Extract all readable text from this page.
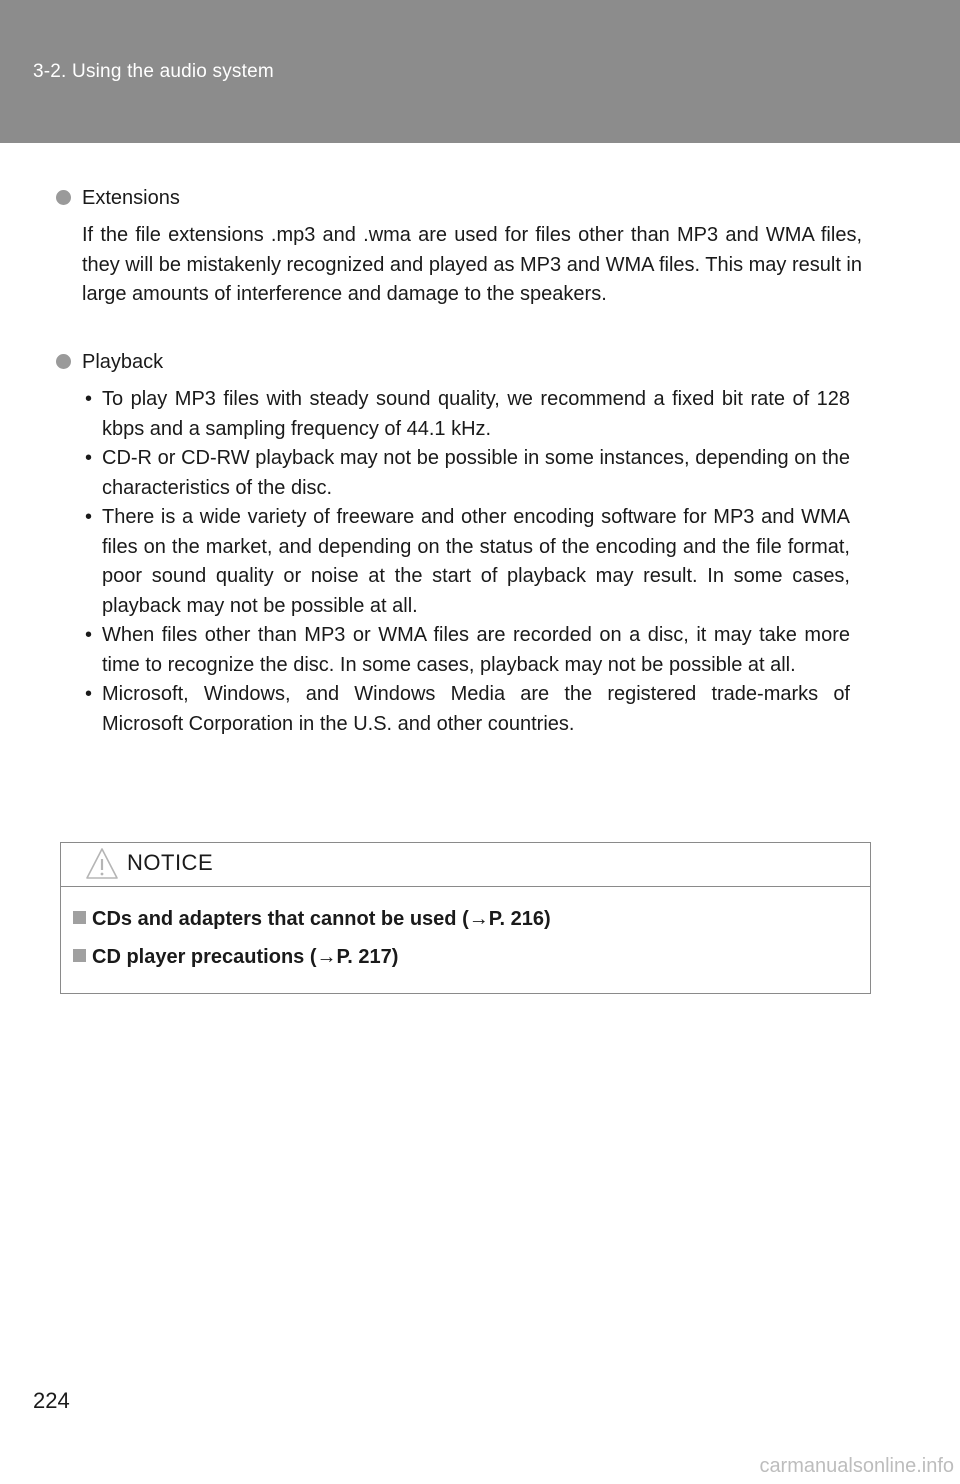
3-2. Using the audio system
Extensions
If the file extensions .mp3 and .wma are used for files other than MP3 and WMA files, they will be mistakenly recognized and played as MP3 and WMA files. This may result in large amounts of interference and damage to the speakers.
Playback
• To play MP3 files with steady sound quality, we recommend a fixed bit rate of 128 kbps and a sampling frequency of 44.1 kHz.
• CD-R or CD-RW playback may not be possible in some instances, depending on the characteristics of the disc.
• There is a wide variety of freeware and other encoding software for MP3 and WMA files on the market, and depending on the status of the encoding and the file format, poor sound quality or noise at the start of playback may result. In some cases, playback may not be possible at all.
• When files other than MP3 or WMA files are recorded on a disc, it may take more time to recognize the disc. In some cases, playback may not be possible at all.
• Microsoft, Windows, and Windows Media are the registered trade-marks of Microsoft Corporation in the U.S. and other countries.
NOTICE
CDs and adapters that cannot be used (→P. 216)
CD player precautions (→P. 217)
224
carmanualsonline.info
